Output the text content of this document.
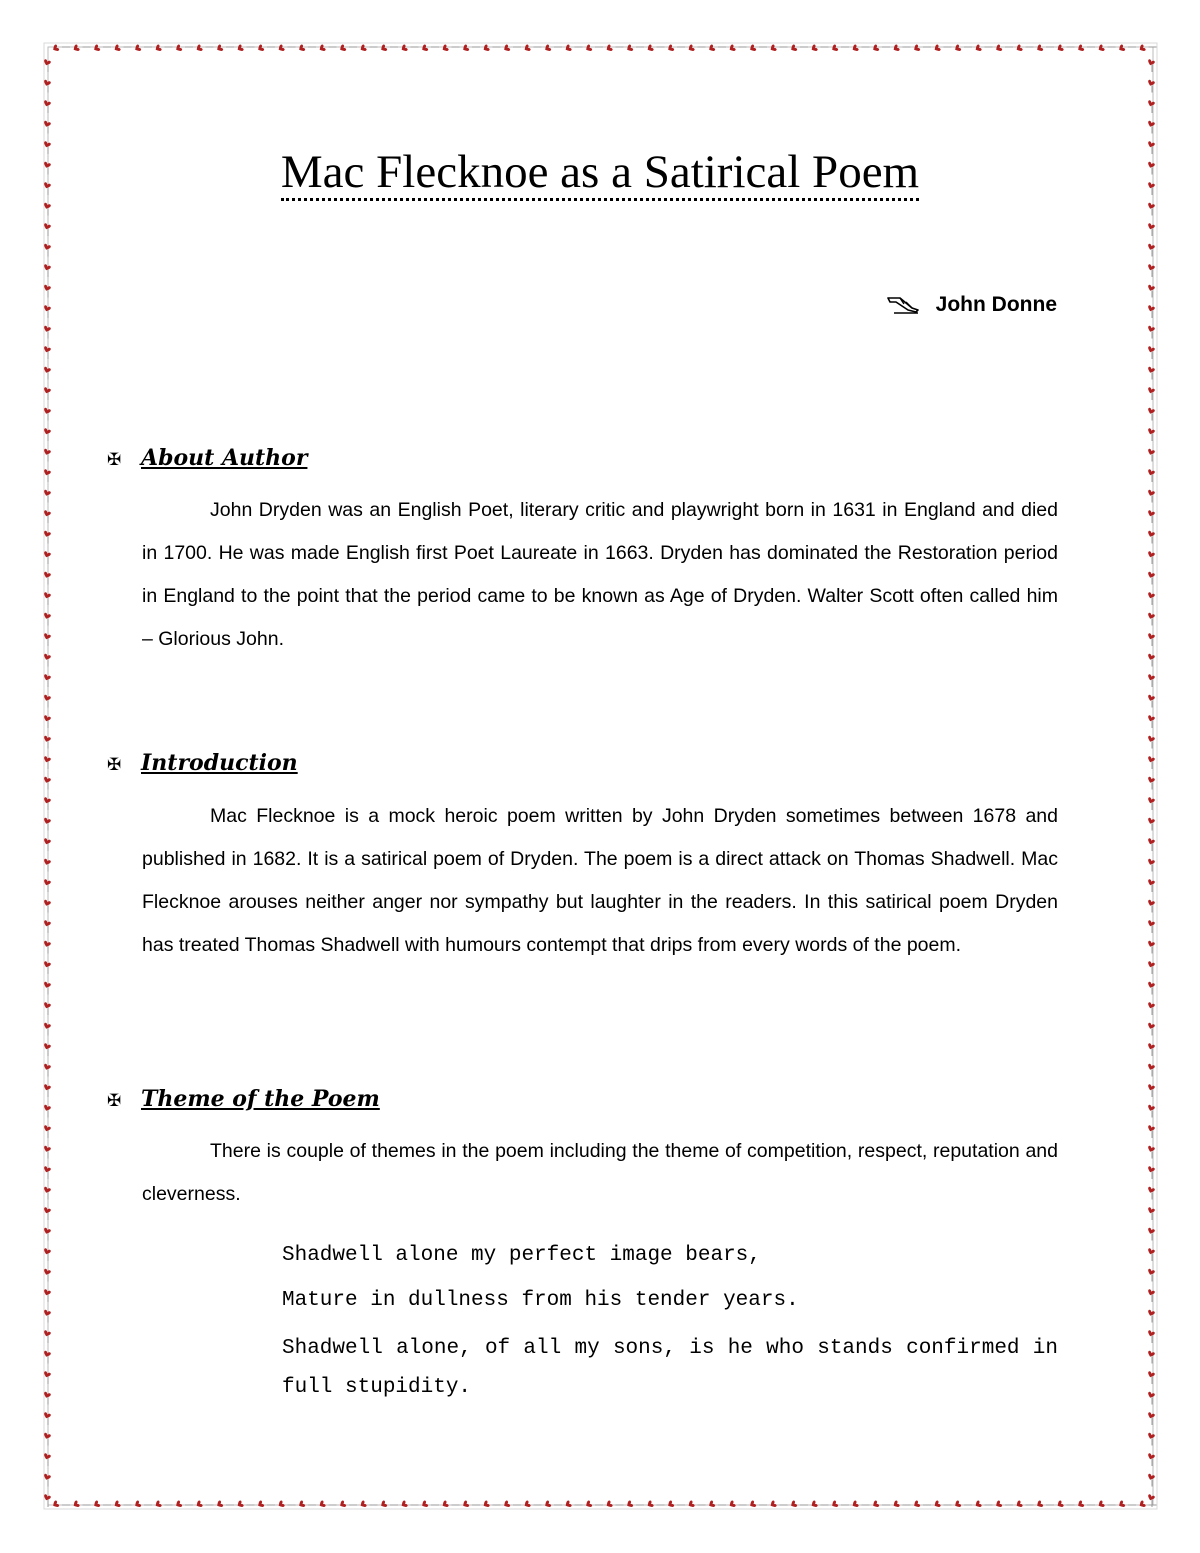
Mac Flecknoe as a Satirical Poem
John Donne
✠ About Author

John Dryden was an English Poet, literary critic and playwright born in 1631 in England and died in 1700. He was made English first Poet Laureate in 1663. Dryden has dominated the Restoration period in England to the point that the period came to be known as Age of Dryden. Walter Scott often called him – Glorious John.

✠ Introduction

Mac Flecknoe is a mock heroic poem written by John Dryden sometimes between 1678 and published in 1682. It is a satirical poem of Dryden. The poem is a direct attack on Thomas Shadwell. Mac Flecknoe arouses neither anger nor sympathy but laughter in the readers. In this satirical poem Dryden has treated Thomas Shadwell with humours contempt that drips from every words of the poem.

✠ Theme of the Poem

There is couple of themes in the poem including the theme of competition, respect, reputation and cleverness.

Shadwell alone my perfect image bears,

Mature in dullness from his tender years.

Shadwell alone, of all my sons, is he who stands confirmed in full stupidity.
